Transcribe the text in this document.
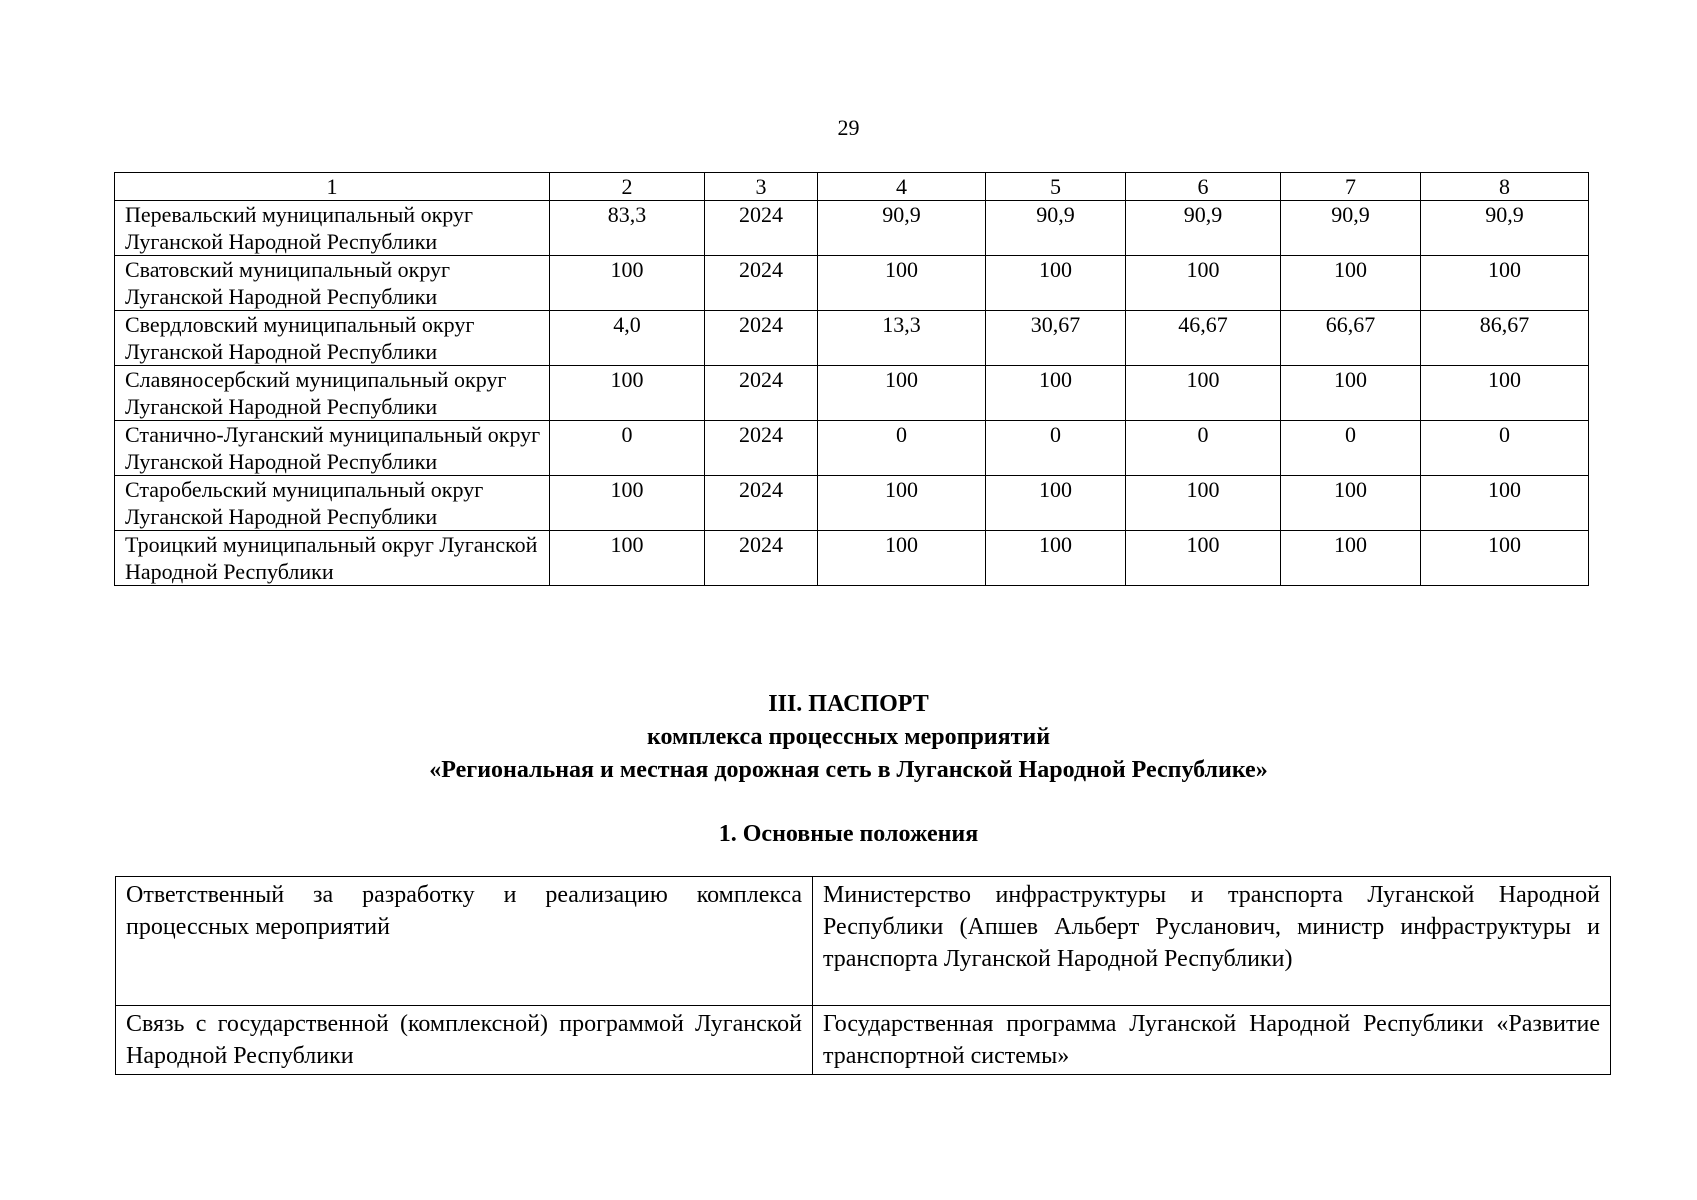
29
1	2	3	4	5	6	7	8
Перевальский муниципальный округ Луганской Народной Республики	83,3	2024	90,9	90,9	90,9	90,9	90,9
Сватовский муниципальный округ Луганской Народной Республики	100	2024	100	100	100	100	100
Свердловский муниципальный округ Луганской Народной Республики	4,0	2024	13,3	30,67	46,67	66,67	86,67
Славяносербский муниципальный округ Луганской Народной Республики	100	2024	100	100	100	100	100
Станично-Луганский муниципальный округ Луганской Народной Республики	0	2024	0	0	0	0	0
Старобельский муниципальный округ Луганской Народной Республики	100	2024	100	100	100	100	100
Троицкий муниципальный округ Луганской Народной Республики	100	2024	100	100	100	100	100
III. ПАСПОРТ
комплекса процессных мероприятий
«Региональная и местная дорожная сеть в Луганской Народной Республике»
1. Основные положения
Ответственный за разработку и реализацию комплекса процессных мероприятий	Министерство инфраструктуры и транспорта Луганской Народной Республики (Апшев Альберт Русланович, министр инфраструктуры и транспорта Луганской Народной Республики)
Связь с государственной (комплексной) программой Луганской Народной Республики	Государственная программа Луганской Народной Республики «Развитие транспортной системы»
